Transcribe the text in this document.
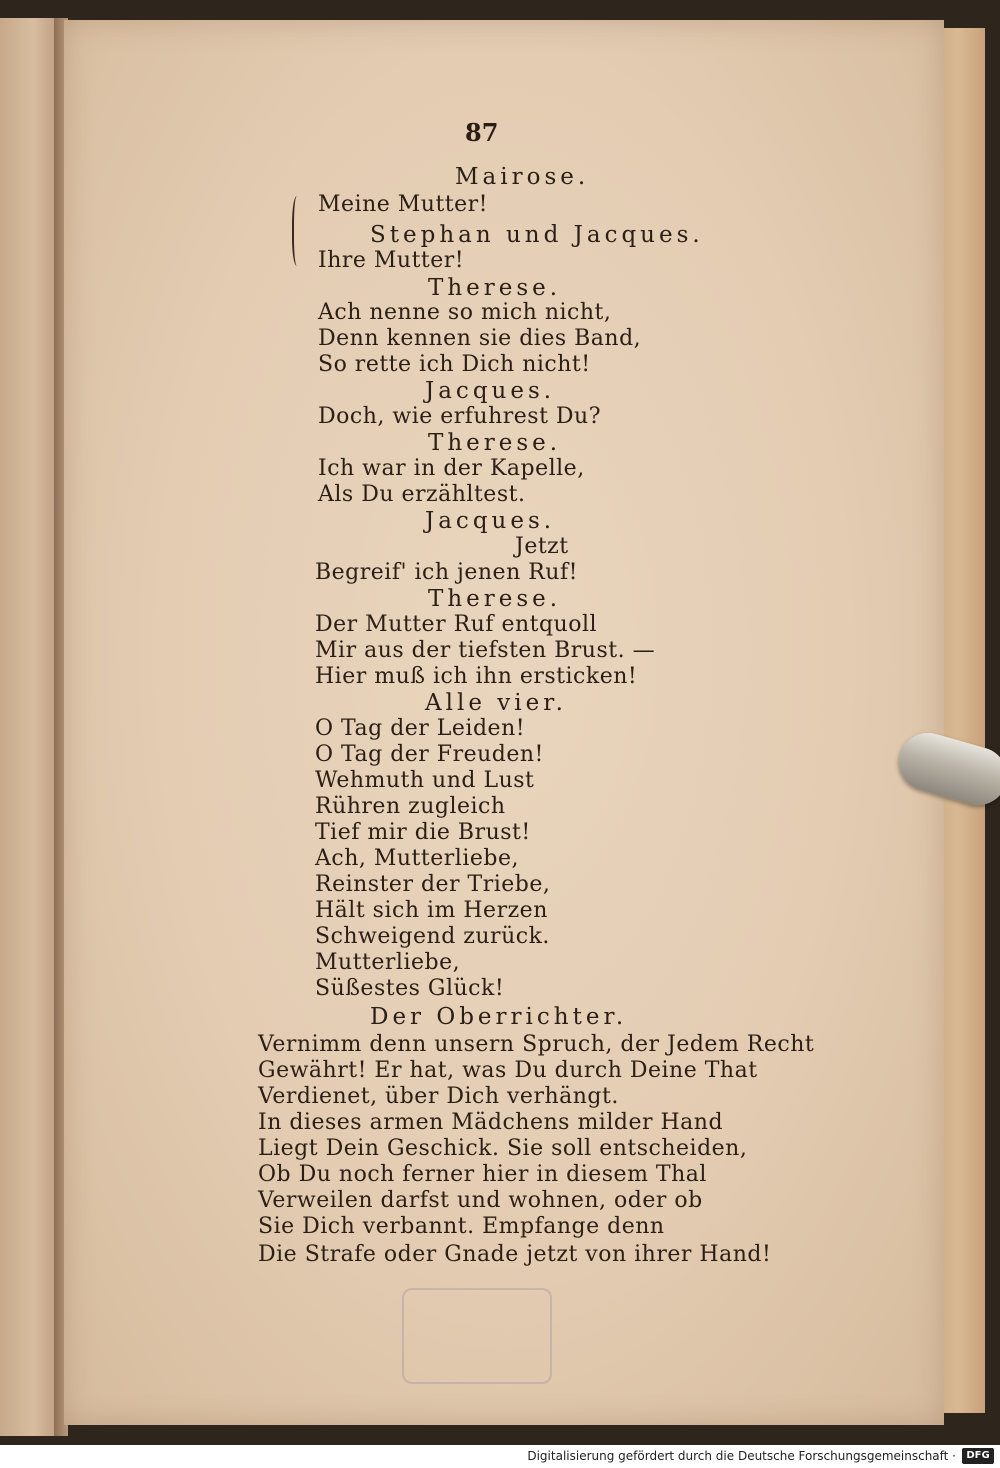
87
Mairose.
Meine Mutter!
Stephan und Jacques.
Ihre Mutter!
Therese.
Ach nenne so mich nicht,
Denn kennen sie dies Band,
So rette ich Dich nicht!
Jacques.
Doch, wie erfuhrest Du?
Therese.
Ich war in der Kapelle,
Als Du erzähltest.
Jacques.
Jetzt
Begreif' ich jenen Ruf!
Therese.
Der Mutter Ruf entquoll
Mir aus der tiefsten Brust. —
Hier muß ich ihn ersticken!
Alle vier.
O Tag der Leiden!
O Tag der Freuden!
Wehmuth und Lust
Rühren zugleich
Tief mir die Brust!
Ach, Mutterliebe,
Reinster der Triebe,
Hält sich im Herzen
Schweigend zurück.
Mutterliebe,
Süßestes Glück!
Der Oberrichter.
Vernimm denn unsern Spruch, der Jedem Recht
Gewährt! Er hat, was Du durch Deine That
Verdienet, über Dich verhängt.
In dieses armen Mädchens milder Hand
Liegt Dein Geschick. Sie soll entscheiden,
Ob Du noch ferner hier in diesem Thal
Verweilen darfst und wohnen, oder ob
Sie Dich verbannt. Empfange denn
Die Strafe oder Gnade jetzt von ihrer Hand!
Digitalisierung gefördert durch die Deutsche Forschungsgemeinschaft ·	DFG
